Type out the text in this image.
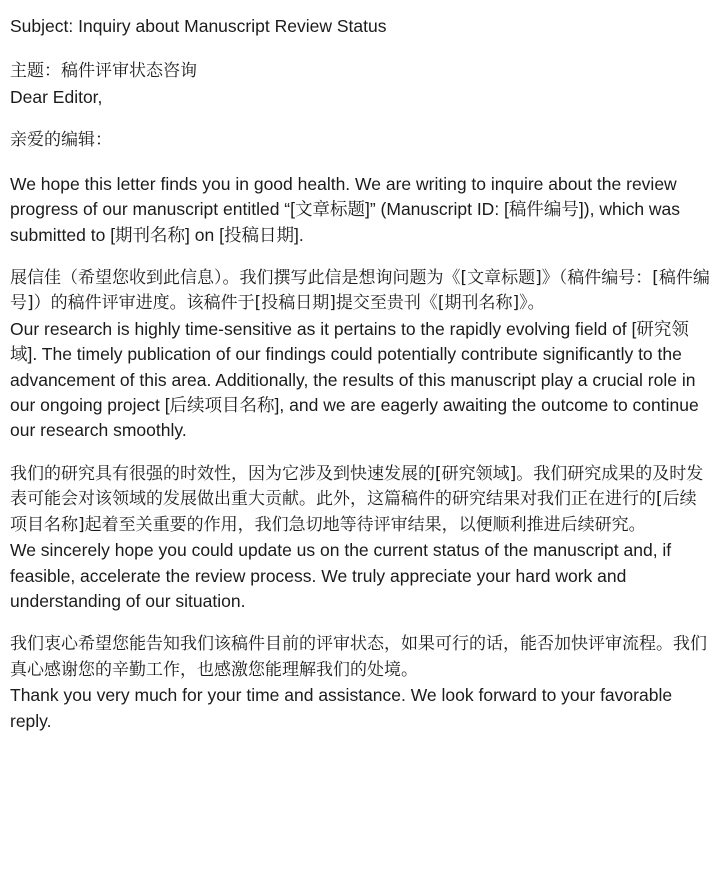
Subject: Inquiry about Manuscript Review Status

主题：稿件评审状态咨询

Dear Editor,

亲爱的编辑：

We hope this letter finds you in good health. We are writing to inquire about the review progress of our manuscript entitled “[文章标题]” (Manuscript ID: [稿件编号]), which was submitted to [期刊名称] on [投稿日期].

展信佳（希望您收到此信息）。我们撰写此信是想询问题为《[文章标题]》（稿件编号：[稿件编号]）的稿件评审进度。该稿件于[投稿日期]提交至贵刊《[期刊名称]》。

Our research is highly time-sensitive as it pertains to the rapidly evolving field of [研究领域]. The timely publication of our findings could potentially contribute significantly to the advancement of this area. Additionally, the results of this manuscript play a crucial role in our ongoing project [后续项目名称], and we are eagerly awaiting the outcome to continue our research smoothly.

我们的研究具有很强的时效性，因为它涉及到快速发展的[研究领域]。我们研究成果的及时发表可能会对该领域的发展做出重大贡献。此外，这篇稿件的研究结果对我们正在进行的[后续项目名称]起着至关重要的作用，我们急切地等待评审结果，以便顺利推进后续研究。

We sincerely hope you could update us on the current status of the manuscript and, if feasible, accelerate the review process. We truly appreciate your hard work and understanding of our situation.

我们衷心希望您能告知我们该稿件目前的评审状态，如果可行的话，能否加快评审流程。我们真心感谢您的辛勤工作，也感激您能理解我们的处境。

Thank you very much for your time and assistance. We look forward to your favorable reply.
